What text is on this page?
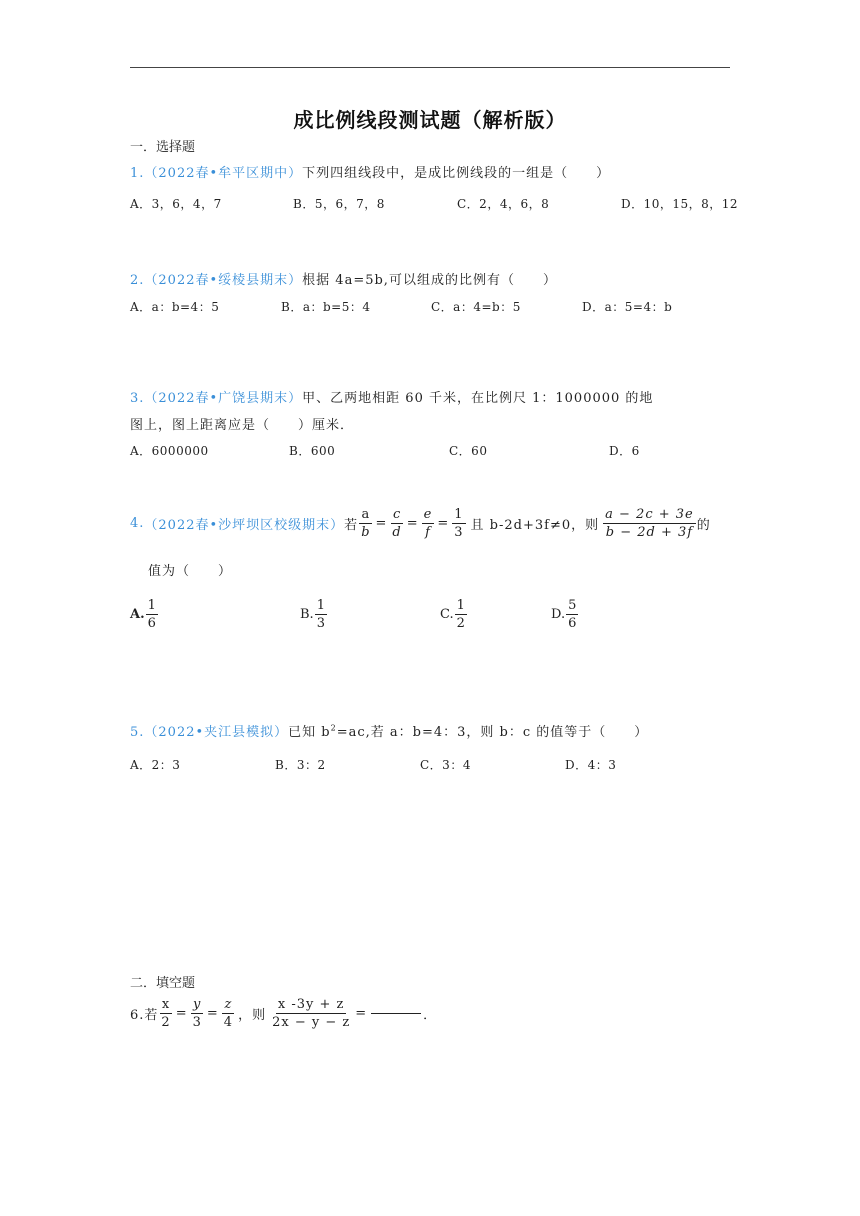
成比例线段测试题（解析版）
一．选择题
1.（2022春•牟平区期中）下列四组线段中，是成比例线段的一组是（　　）
A．3，6，4，7	B．5，6，7，8	C．2，4，6，8	D．10，15，8，12
2.（2022春•绥棱县期末）根据 4a=5b,可以组成的比例有（　　）
A．a：b=4：5	B．a：b=5：4	C．a：4=b：5	D．a：5=4：b
3.（2022春•广饶县期末）甲、乙两地相距 60 千米，在比例尺 1：1000000 的地
图上，图上距离应是（　　）厘米．
A．6000000	B．600	C．60	D．6
4. （2022春•沙坪坝区校级期末） 若 $\frac{a}{b} = \frac{c}{d} = \frac{e}{f} = \frac{1}{3}$ 且 b-2d+3f≠0，则 $\frac{a - 2c + 3e}{b - 2d + 3f}$ 的
值为（　　）
A. $\frac{1}{6}$	B. $\frac{1}{3}$	C. $\frac{1}{2}$	D. $\frac{5}{6}$
5.（2022•夹江县模拟）已知 $b^2=ac$,若 a：b=4：3，则 b：c 的值等于（　　）
A．2：3	B．3：2	C．3：4	D．4：3
二．填空题
6.若 $\frac{x}{2} = \frac{y}{3} = \frac{z}{4}$ ，则 $\frac{x -3y + z}{2x - y - z}$ =	．
